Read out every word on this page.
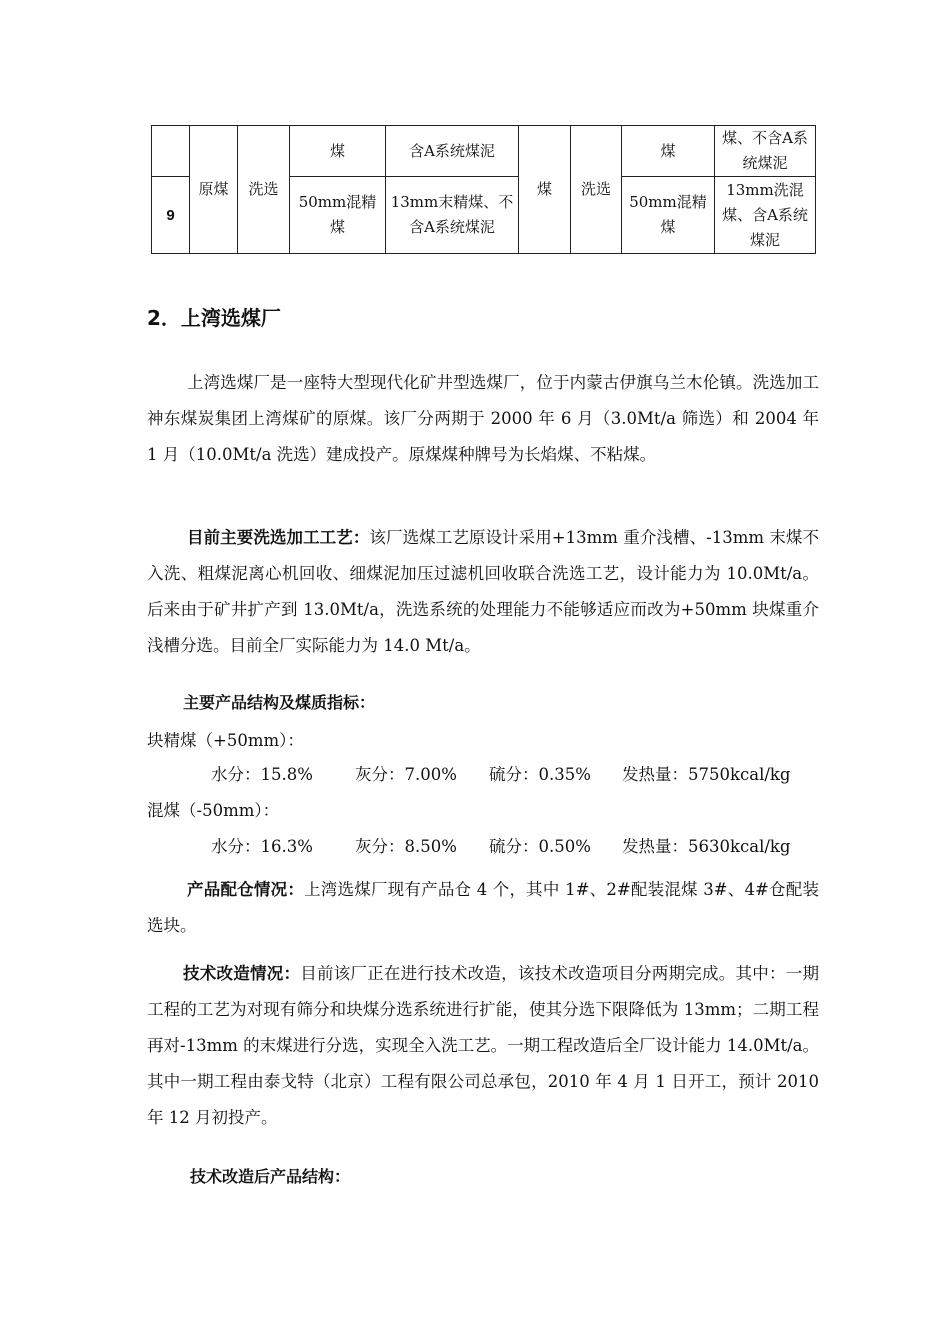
	原煤	洗选	煤	含A系统煤泥	煤	洗选	煤	煤、不含A系统煤泥
9			50mm混精煤	13mm末精煤、不含A系统煤泥			50mm混精煤	13mm洗混煤、含A系统煤泥
2．上湾选煤厂

上湾选煤厂是一座特大型现代化矿井型选煤厂，位于内蒙古伊旗乌兰木伦镇。洗选加工神东煤炭集团上湾煤矿的原煤。该厂分两期于 2000 年 6 月（3.0Mt/a 筛选）和 2004 年 1 月（10.0Mt/a 洗选）建成投产。原煤煤种牌号为长焰煤、不粘煤。

目前主要洗选加工工艺：该厂选煤工艺原设计采用+13mm 重介浅槽、-13mm 末煤不入洗、粗煤泥离心机回收、细煤泥加压过滤机回收联合洗选工艺，设计能力为 10.0Mt/a。后来由于矿井扩产到 13.0Mt/a，洗选系统的处理能力不能够适应而改为+50mm 块煤重介浅槽分选。目前全厂实际能力为 14.0 Mt/a。

主要产品结构及煤质指标：
块精煤（+50mm）：
水分：15.8%	灰分：7.00% 硫分：0.35% 发热量：5750kcal/kg
混煤（-50mm）：
水分：16.3%	灰分：8.50% 硫分：0.50% 发热量：5630kcal/kg

产品配仓情况：上湾选煤厂现有产品仓 4 个，其中 1#、2#配装混煤 3#、4#仓配装选块。

技术改造情况：目前该厂正在进行技术改造，该技术改造项目分两期完成。其中：一期工程的工艺为对现有筛分和块煤分选系统进行扩能，使其分选下限降低为 13mm；二期工程再对-13mm 的末煤进行分选，实现全入洗工艺。一期工程改造后全厂设计能力 14.0Mt/a。其中一期工程由泰戈特（北京）工程有限公司总承包，2010 年 4 月 1 日开工，预计 2010 年 12 月初投产。

技术改造后产品结构：
